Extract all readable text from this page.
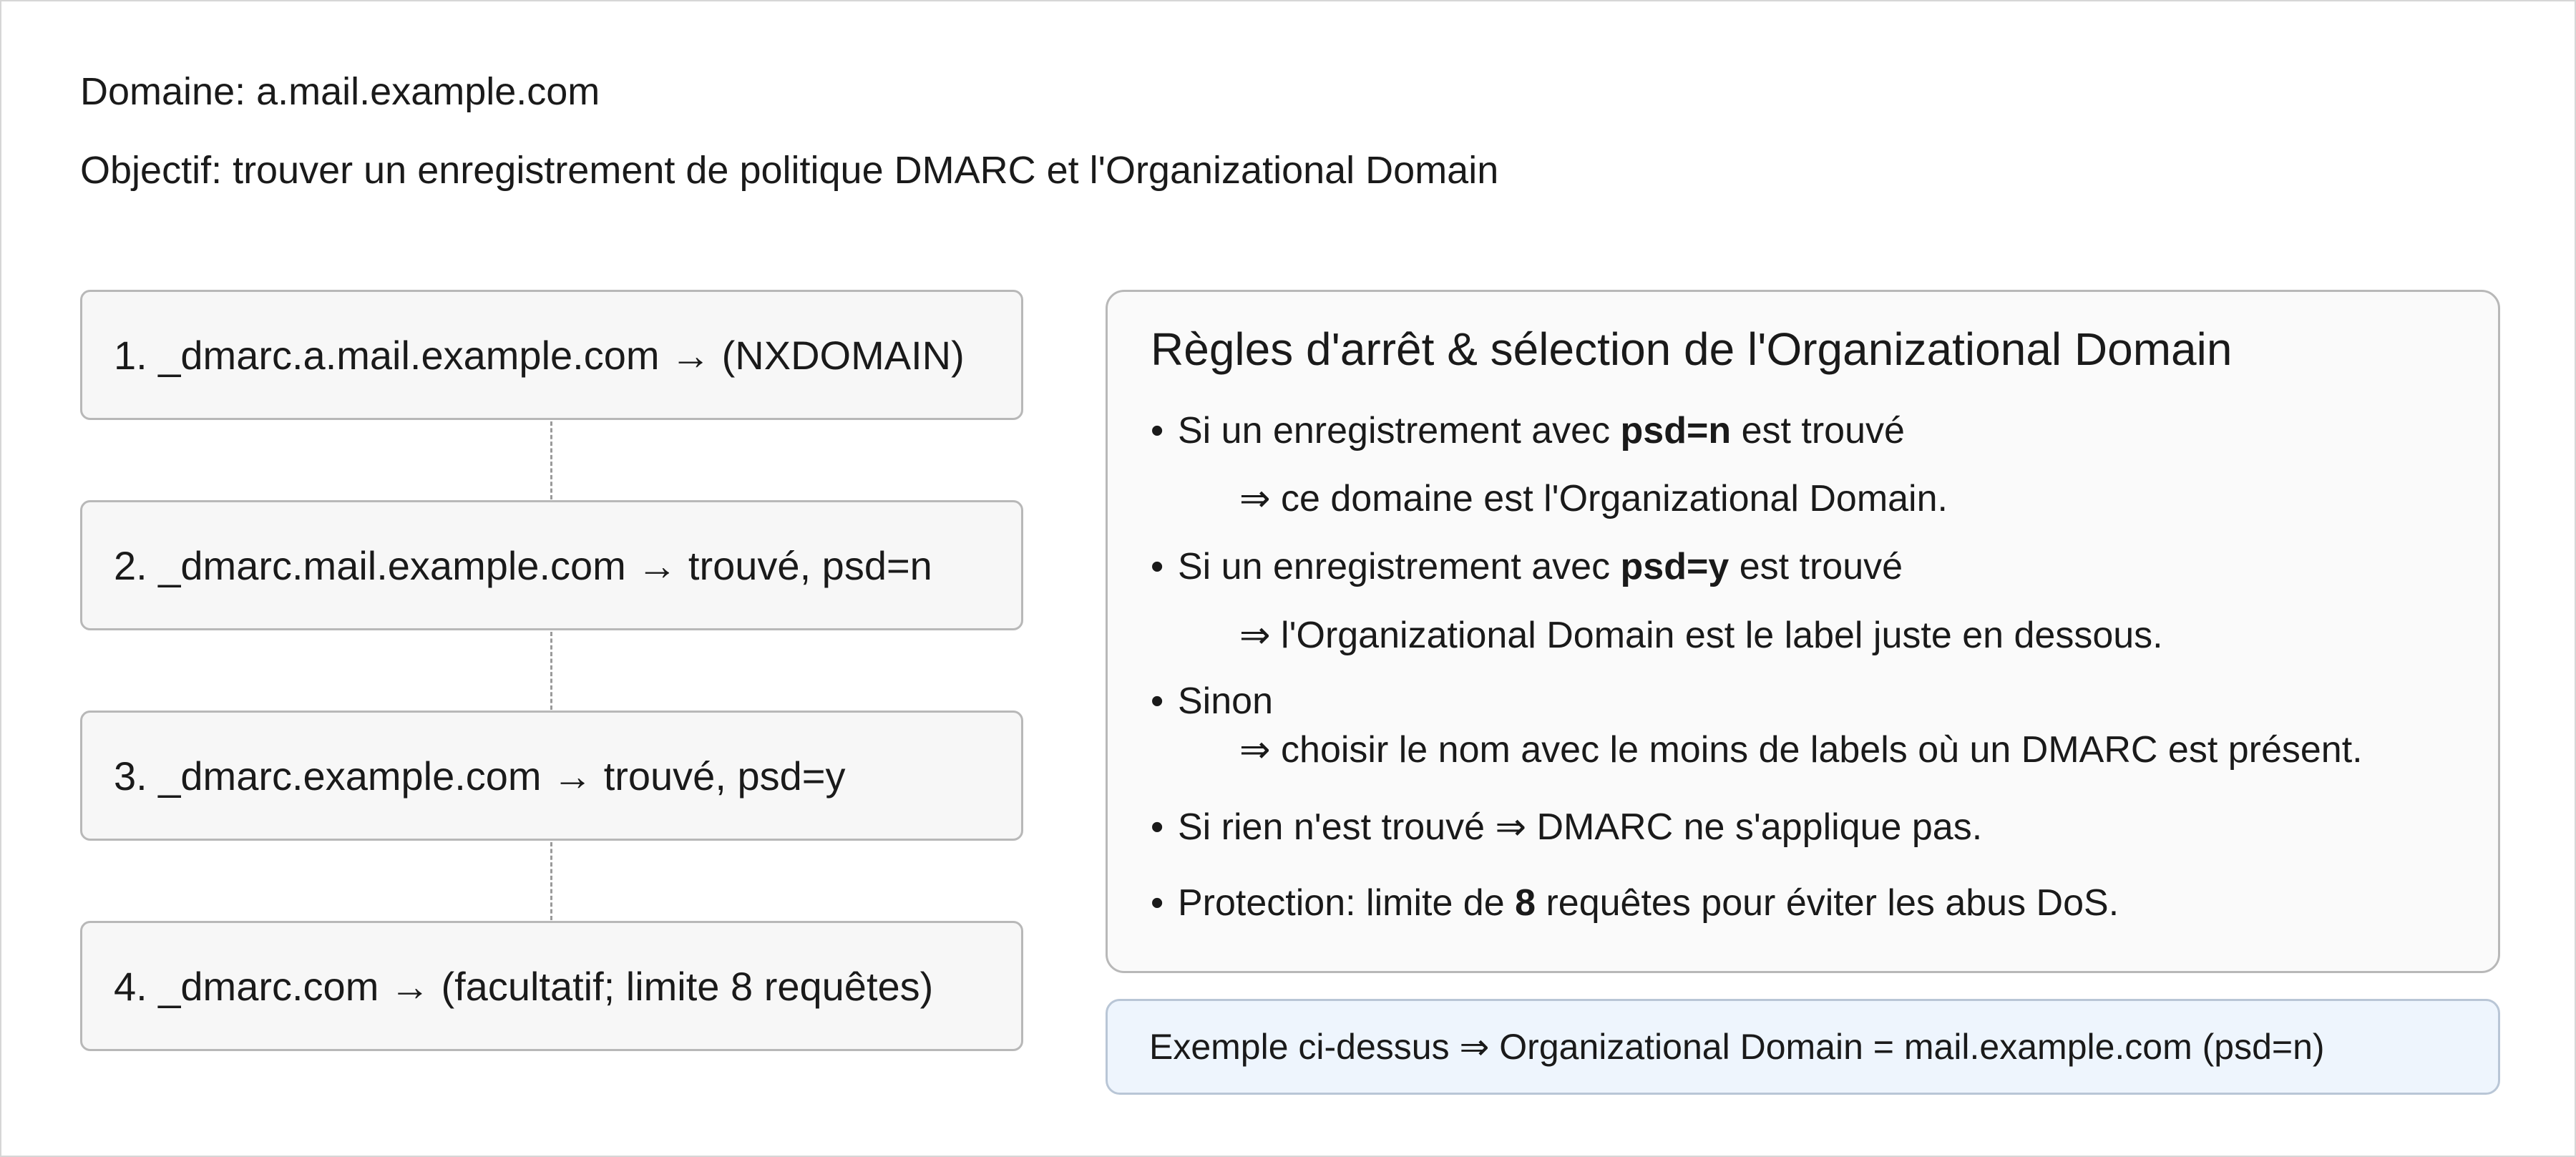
Domaine: a.mail.example.com
Objectif: trouver un enregistrement de politique DMARC et l'Organizational Domain
1. _dmarc.a.mail.example.com → (NXDOMAIN)
2. _dmarc.mail.example.com → trouvé, psd=n
3. _dmarc.example.com → trouvé, psd=y
4. _dmarc.com → (facultatif; limite 8 requêtes)
Règles d'arrêt & sélection de l'Organizational Domain
• Si un enregistrement avec psd=n est trouvé
⇒ ce domaine est l'Organizational Domain.
• Si un enregistrement avec psd=y est trouvé
⇒ l'Organizational Domain est le label juste en dessous.
• Sinon
⇒ choisir le nom avec le moins de labels où un DMARC est présent.
• Si rien n'est trouvé ⇒ DMARC ne s'applique pas.
• Protection: limite de 8 requêtes pour éviter les abus DoS.
Exemple ci-dessus ⇒ Organizational Domain = mail.example.com (psd=n)
